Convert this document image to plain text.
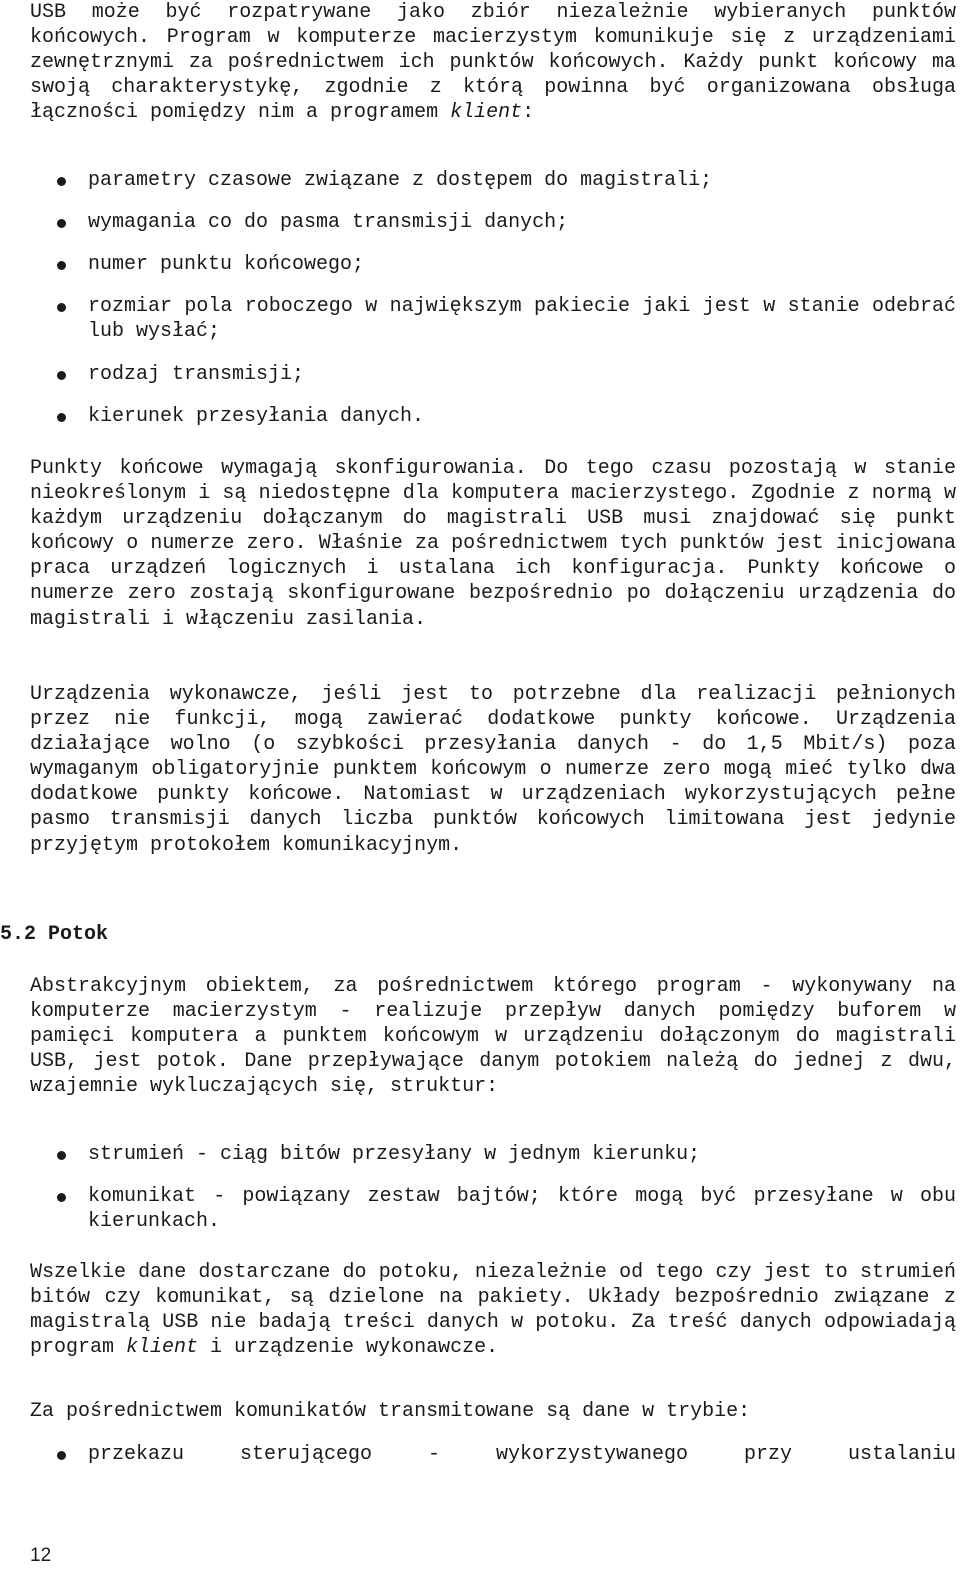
USB może być rozpatrywane jako zbiór niezależnie wybieranych punktów końcowych. Program w komputerze macierzystym komunikuje się z urządzeniami zewnętrznymi za pośrednictwem ich punktów końcowych. Każdy punkt końcowy ma swoją charakterystykę, zgodnie z którą powinna być organizowana obsługa łączności pomiędzy nim a programem klient:

parametry czasowe związane z dostępem do magistrali;
wymagania co do pasma transmisji danych;
numer punktu końcowego;
rozmiar pola roboczego w największym pakiecie jaki jest w stanie odebrać lub wysłać;
rodzaj transmisji;
kierunek przesyłania danych.

Punkty końcowe wymagają skonfigurowania. Do tego czasu pozostają w stanie nieokreślonym i są niedostępne dla komputera macierzystego. Zgodnie z normą w każdym urządzeniu dołączanym do magistrali USB musi znajdować się punkt końcowy o numerze zero. Właśnie za pośrednictwem tych punktów jest inicjowana praca urządzeń logicznych i ustalana ich konfiguracja. Punkty końcowe o numerze zero zostają skonfigurowane bezpośrednio po dołączeniu urządzenia do magistrali i włączeniu zasilania.

Urządzenia wykonawcze, jeśli jest to potrzebne dla realizacji pełnionych przez nie funkcji, mogą zawierać dodatkowe punkty końcowe. Urządzenia działające wolno (o szybkości przesyłania danych - do 1,5 Mbit/s) poza wymaganym obligatoryjnie punktem końcowym o numerze zero mogą mieć tylko dwa dodatkowe punkty końcowe. Natomiast w urządzeniach wykorzystujących pełne pasmo transmisji danych liczba punktów końcowych limitowana jest jedynie przyjętym protokołem komunikacyjnym.

5.2 Potok

Abstrakcyjnym obiektem, za pośrednictwem którego program - wykonywany na komputerze macierzystym - realizuje przepływ danych pomiędzy buforem w pamięci komputera a punktem końcowym w urządzeniu dołączonym do magistrali USB, jest potok. Dane przepływające danym potokiem należą do jednej z dwu, wzajemnie wykluczających się, struktur:

strumień - ciąg bitów przesyłany w jednym kierunku;
komunikat - powiązany zestaw bajtów; które mogą być przesyłane w obu kierunkach.

Wszelkie dane dostarczane do potoku, niezależnie od tego czy jest to strumień bitów czy komunikat, są dzielone na pakiety. Układy bezpośrednio związane z magistralą USB nie badają treści danych w potoku. Za treść danych odpowiadają program klient i urządzenie wykonawcze.

Za pośrednictwem komunikatów transmitowane są dane w trybie:

przekazu sterującego - wykorzystywanego przy ustalaniu
12
